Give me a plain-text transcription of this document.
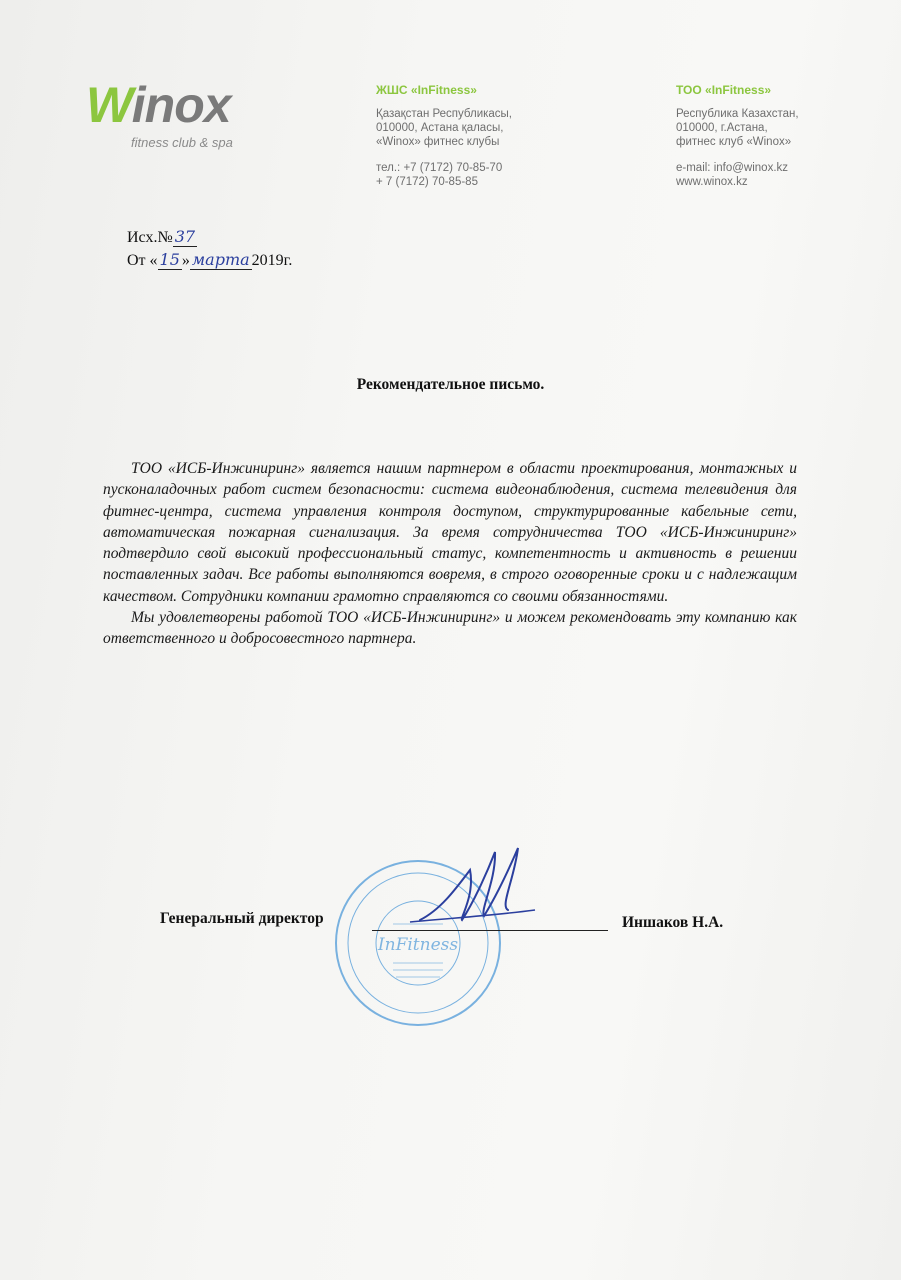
Winox
fitness club & spa
ЖШС «InFitness»
Қазақстан Республикасы,
010000, Астана қаласы,
«Winox» фитнес клубы
тел.: +7 (7172) 70-85-70
+ 7 (7172) 70-85-85
ТОО «InFitness»
Республика Казахстан,
010000, г.Астана,
фитнес клуб «Winox»
e-mail: info@winox.kz
www.winox.kz
Исх.№ 37
От « 15 » марта 2019г.
Рекомендательное письмо.

ТОО «ИСБ-Инжиниринг» является нашим партнером в области проектирования, монтажных и пусконаладочных работ систем безопасности: система видеонаблюдения, система телевидения для фитнес-центра, система управления контроля доступом, структурированные кабельные сети, автоматическая пожарная сигнализация. За время сотрудничества ТОО «ИСБ-Инжиниринг» подтвердило свой высокий профессиональный статус, компетентность и активность в решении поставленных задач. Все работы выполняются вовремя, в строго оговоренные сроки и с надлежащим качеством. Сотрудники компании грамотно справляются со своими обязанностями.

Мы удовлетворены работой ТОО «ИСБ-Инжиниринг» и можем рекомендовать эту компанию как ответственного и добросовестного партнера.

InFitness
Генеральный директор	Иншаков Н.А.
